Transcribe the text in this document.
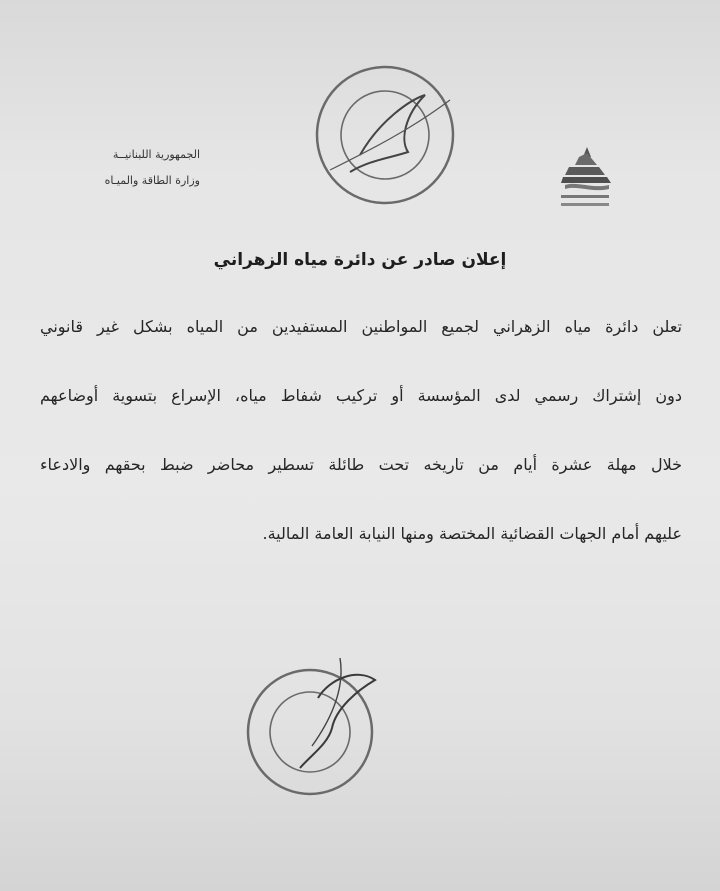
الجمهورية اللبنانيــة
وزارة الطاقة والميـاه
إعلان صادر عن دائرة مياه الزهراني

تعلن دائرة مياه الزهراني لجميع المواطنين المستفيدين من المياه بشكل غير قانوني

دون إشتراك رسمي لدى المؤسسة أو تركيب شفاط مياه، الإسراع بتسوية أوضاعهم

خلال مهلة عشرة أيام من تاريخه تحت طائلة تسطير محاضر ضبط بحقهم والادعاء

عليهم أمام الجهات القضائية المختصة ومنها النيابة العامة المالية.
